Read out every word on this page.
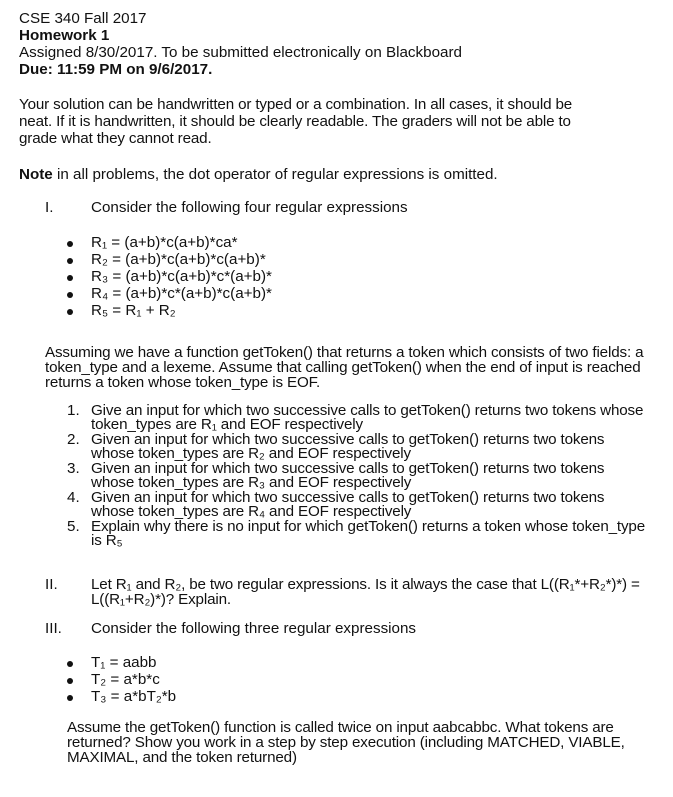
CSE 340 Fall 2017
Homework 1
Assigned 8/30/2017. To be submitted electronically on Blackboard
Due: 11:59 PM on 9/6/2017.
Your solution can be handwritten or typed or a combination. In all cases, it should be
neat. If it is handwritten, it should be clearly readable. The graders will not be able to
grade what they cannot read.
Note in all problems, the dot operator of regular expressions is omitted.
I. Consider the following four regular expressions
R₁ = (a+b)*c(a+b)*ca*
R₂ = (a+b)*c(a+b)*c(a+b)*
R₃ = (a+b)*c(a+b)*c*(a+b)*
R₄ = (a+b)*c*(a+b)*c(a+b)*
R₅ = R₁ + R₂
Assuming we have a function getToken() that returns a token which consists of two fields: a
token_type and a lexeme. Assume that calling getToken() when the end of input is reached
returns a token whose token_type is EOF.
1. Give an input for which two successive calls to getToken() returns two tokens whose
token_types are R₁ and EOF respectively
2. Given an input for which two successive calls to getToken() returns two tokens
whose token_types are R₂ and EOF respectively
3. Given an input for which two successive calls to getToken() returns two tokens
whose token_types are R₃ and EOF respectively
4. Given an input for which two successive calls to getToken() returns two tokens
whose token_types are R₄ and EOF respectively
5. Explain why there is no input for which getToken() returns a token whose token_type
is R₅
II. Let R₁ and R₂, be two regular expressions. Is it always the case that L((R₁*+R₂*)*) =
L((R₁+R₂)*)? Explain.
III. Consider the following three regular expressions
T₁ = aabb
T₂ = a*b*c
T₃ = a*bT₂*b
Assume the getToken() function is called twice on input aabcabbc. What tokens are
returned? Show you work in a step by step execution (including MATCHED, VIABLE,
MAXIMAL, and the token returned)
